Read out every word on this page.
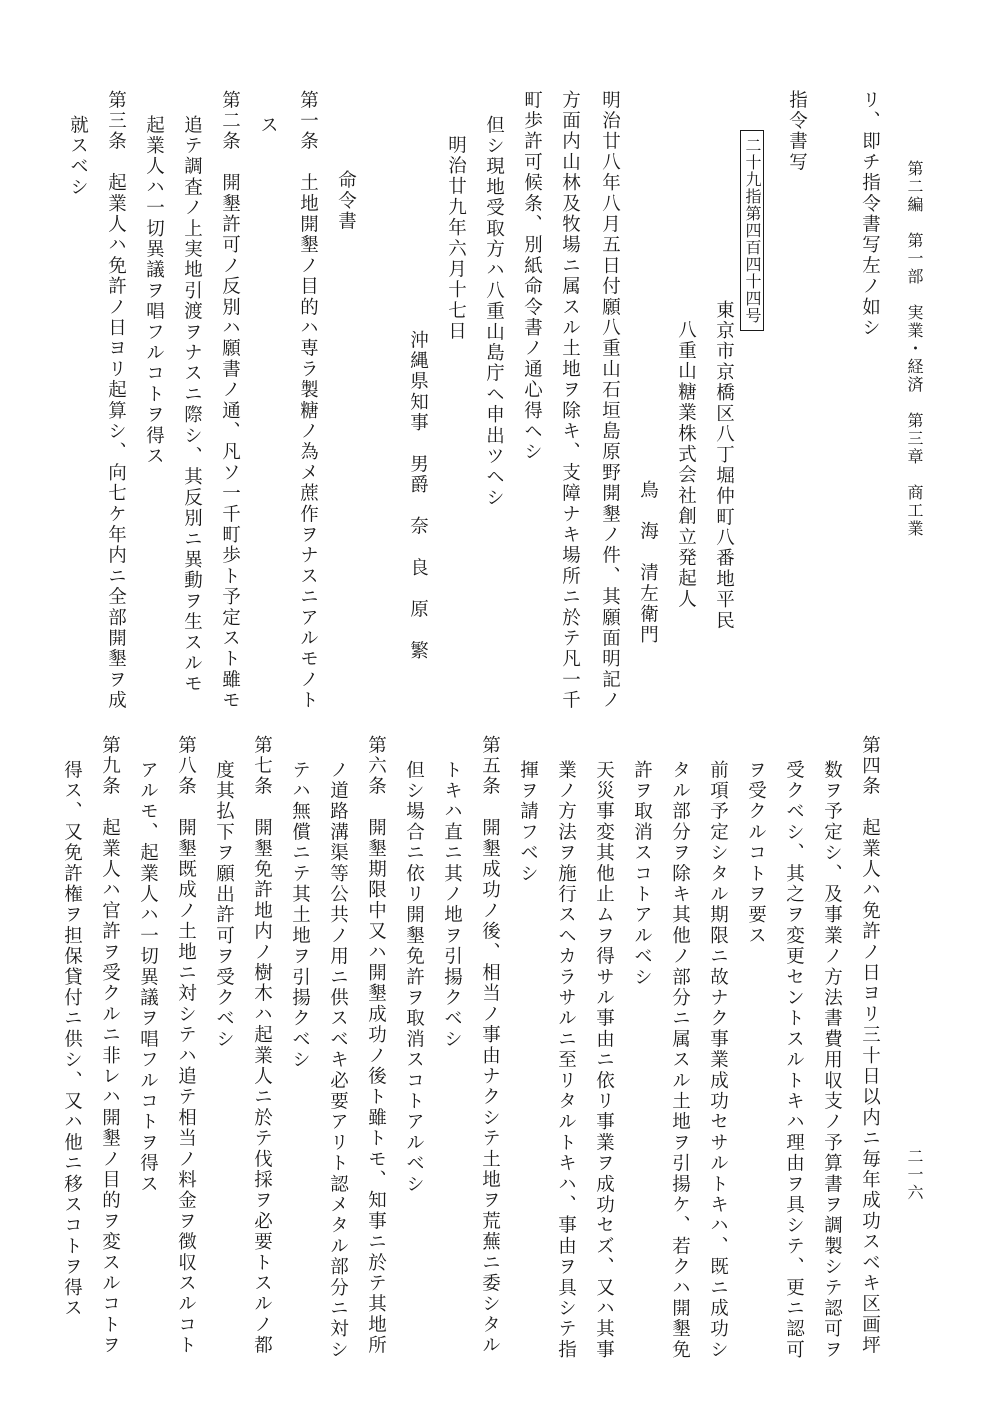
第二編　第一部　実業・経済　第三章　商工業
二一六
リ、即チ指令書写左ノ如シ
指令書写
東京市京橋区八丁堀仲町八番地平民
八重山糖業株式会社創立発起人
鳥　海　清左衛門
二十九指第四百四十四号
明治廿八年八月五日付願八重山石垣島原野開墾ノ件、其願面明記ノ
方面内山林及牧場ニ属スル土地ヲ除キ、支障ナキ場所ニ於テ凡一千
町歩許可候条、別紙命令書ノ通心得ヘシ
但シ現地受取方ハ八重山島庁ヘ申出ツヘシ
明治廿九年六月十七日
沖縄県知事　男爵　奈　良　原　繁
命令書
第一条　土地開墾ノ目的ハ専ラ製糖ノ為メ蔗作ヲナスニアルモノト
ス
第二条　開墾許可ノ反別ハ願書ノ通、凡ソ一千町歩ト予定スト雖モ
追テ調査ノ上実地引渡ヲナスニ際シ、其反別ニ異動ヲ生スルモ
起業人ハ一切異議ヲ唱フルコトヲ得ス
第三条　起業人ハ免許ノ日ヨリ起算シ、向七ケ年内ニ全部開墾ヲ成
就スベシ
第四条　起業人ハ免許ノ日ヨリ三十日以内ニ毎年成功スベキ区画坪
数ヲ予定シ、及事業ノ方法書費用収支ノ予算書ヲ調製シテ認可ヲ
受クベシ、其之ヲ変更セントスルトキハ理由ヲ具シテ、更ニ認可
ヲ受クルコトヲ要ス
前項予定シタル期限ニ故ナク事業成功セサルトキハ、既ニ成功シ
タル部分ヲ除キ其他ノ部分ニ属スル土地ヲ引揚ケ、若クハ開墾免
許ヲ取消スコトアルベシ
天災事変其他止ムヲ得サル事由ニ依リ事業ヲ成功セズ、又ハ其事
業ノ方法ヲ施行スヘカラサルニ至リタルトキハ、事由ヲ具シテ指
揮ヲ請フベシ
第五条　開墾成功ノ後、相当ノ事由ナクシテ土地ヲ荒蕪ニ委シタル
トキハ直ニ其ノ地ヲ引揚クベシ
但シ場合ニ依リ開墾免許ヲ取消スコトアルベシ
第六条　開墾期限中又ハ開墾成功ノ後ト雖トモ、知事ニ於テ其地所
ノ道路溝渠等公共ノ用ニ供スベキ必要アリト認メタル部分ニ対シ
テハ無償ニテ其土地ヲ引揚クベシ
第七条　開墾免許地内ノ樹木ハ起業人ニ於テ伐採ヲ必要トスルノ都
度其払下ヲ願出許可ヲ受クベシ
第八条　開墾既成ノ土地ニ対シテハ追テ相当ノ料金ヲ徴収スルコト
アルモ、起業人ハ一切異議ヲ唱フルコトヲ得ス
第九条　起業人ハ官許ヲ受クルニ非レハ開墾ノ目的ヲ変スルコトヲ
得ス、又免許権ヲ担保貸付ニ供シ、又ハ他ニ移スコトヲ得ス
